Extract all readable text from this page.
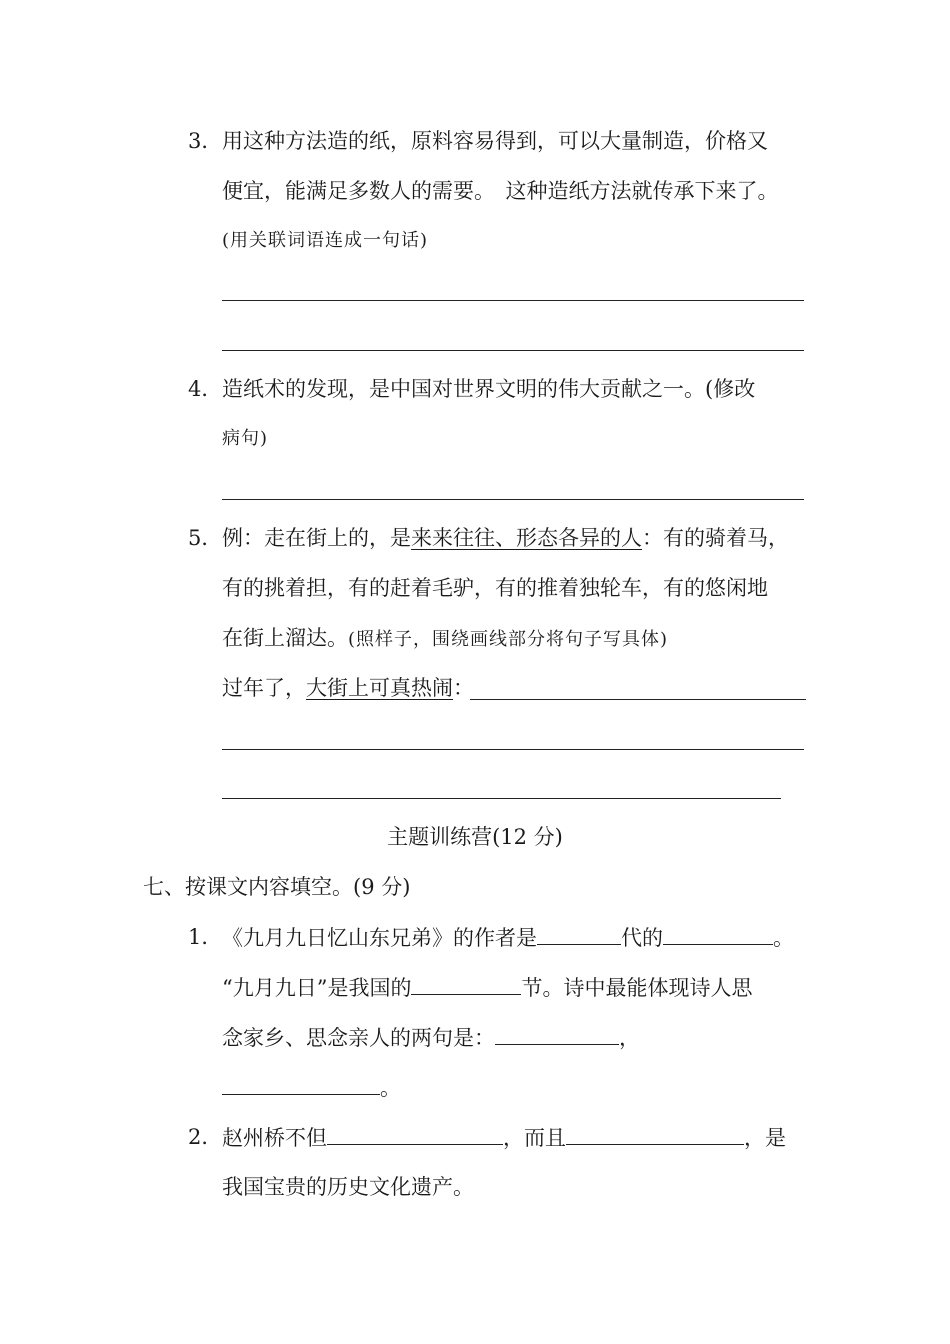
3． 用这种方法造的纸，原料容易得到，可以大量制造，价格又
便宜，能满足多数人的需要。　这种造纸方法就传承下来了。
(用关联词语连成一句话)
4． 造纸术的发现，是中国对世界文明的伟大贡献之一。(修改
病句)
5． 例：走在街上的，是来来往往、形态各异的人：有的骑着马，
有的挑着担，有的赶着毛驴，有的推着独轮车，有的悠闲地
在街上溜达。(照样子，围绕画线部分将句子写具体)
过年了，大街上可真热闹：
主题训练营(12 分)
七、按课文内容填空。(9 分)
1． 《九月九日忆山东兄弟》的作者是	代的	。
“九月九日”是我国的	节。诗中最能体现诗人思
念家乡、思念亲人的两句是：	，
。
2． 赵州桥不但	，而且	，是
我国宝贵的历史文化遗产。
